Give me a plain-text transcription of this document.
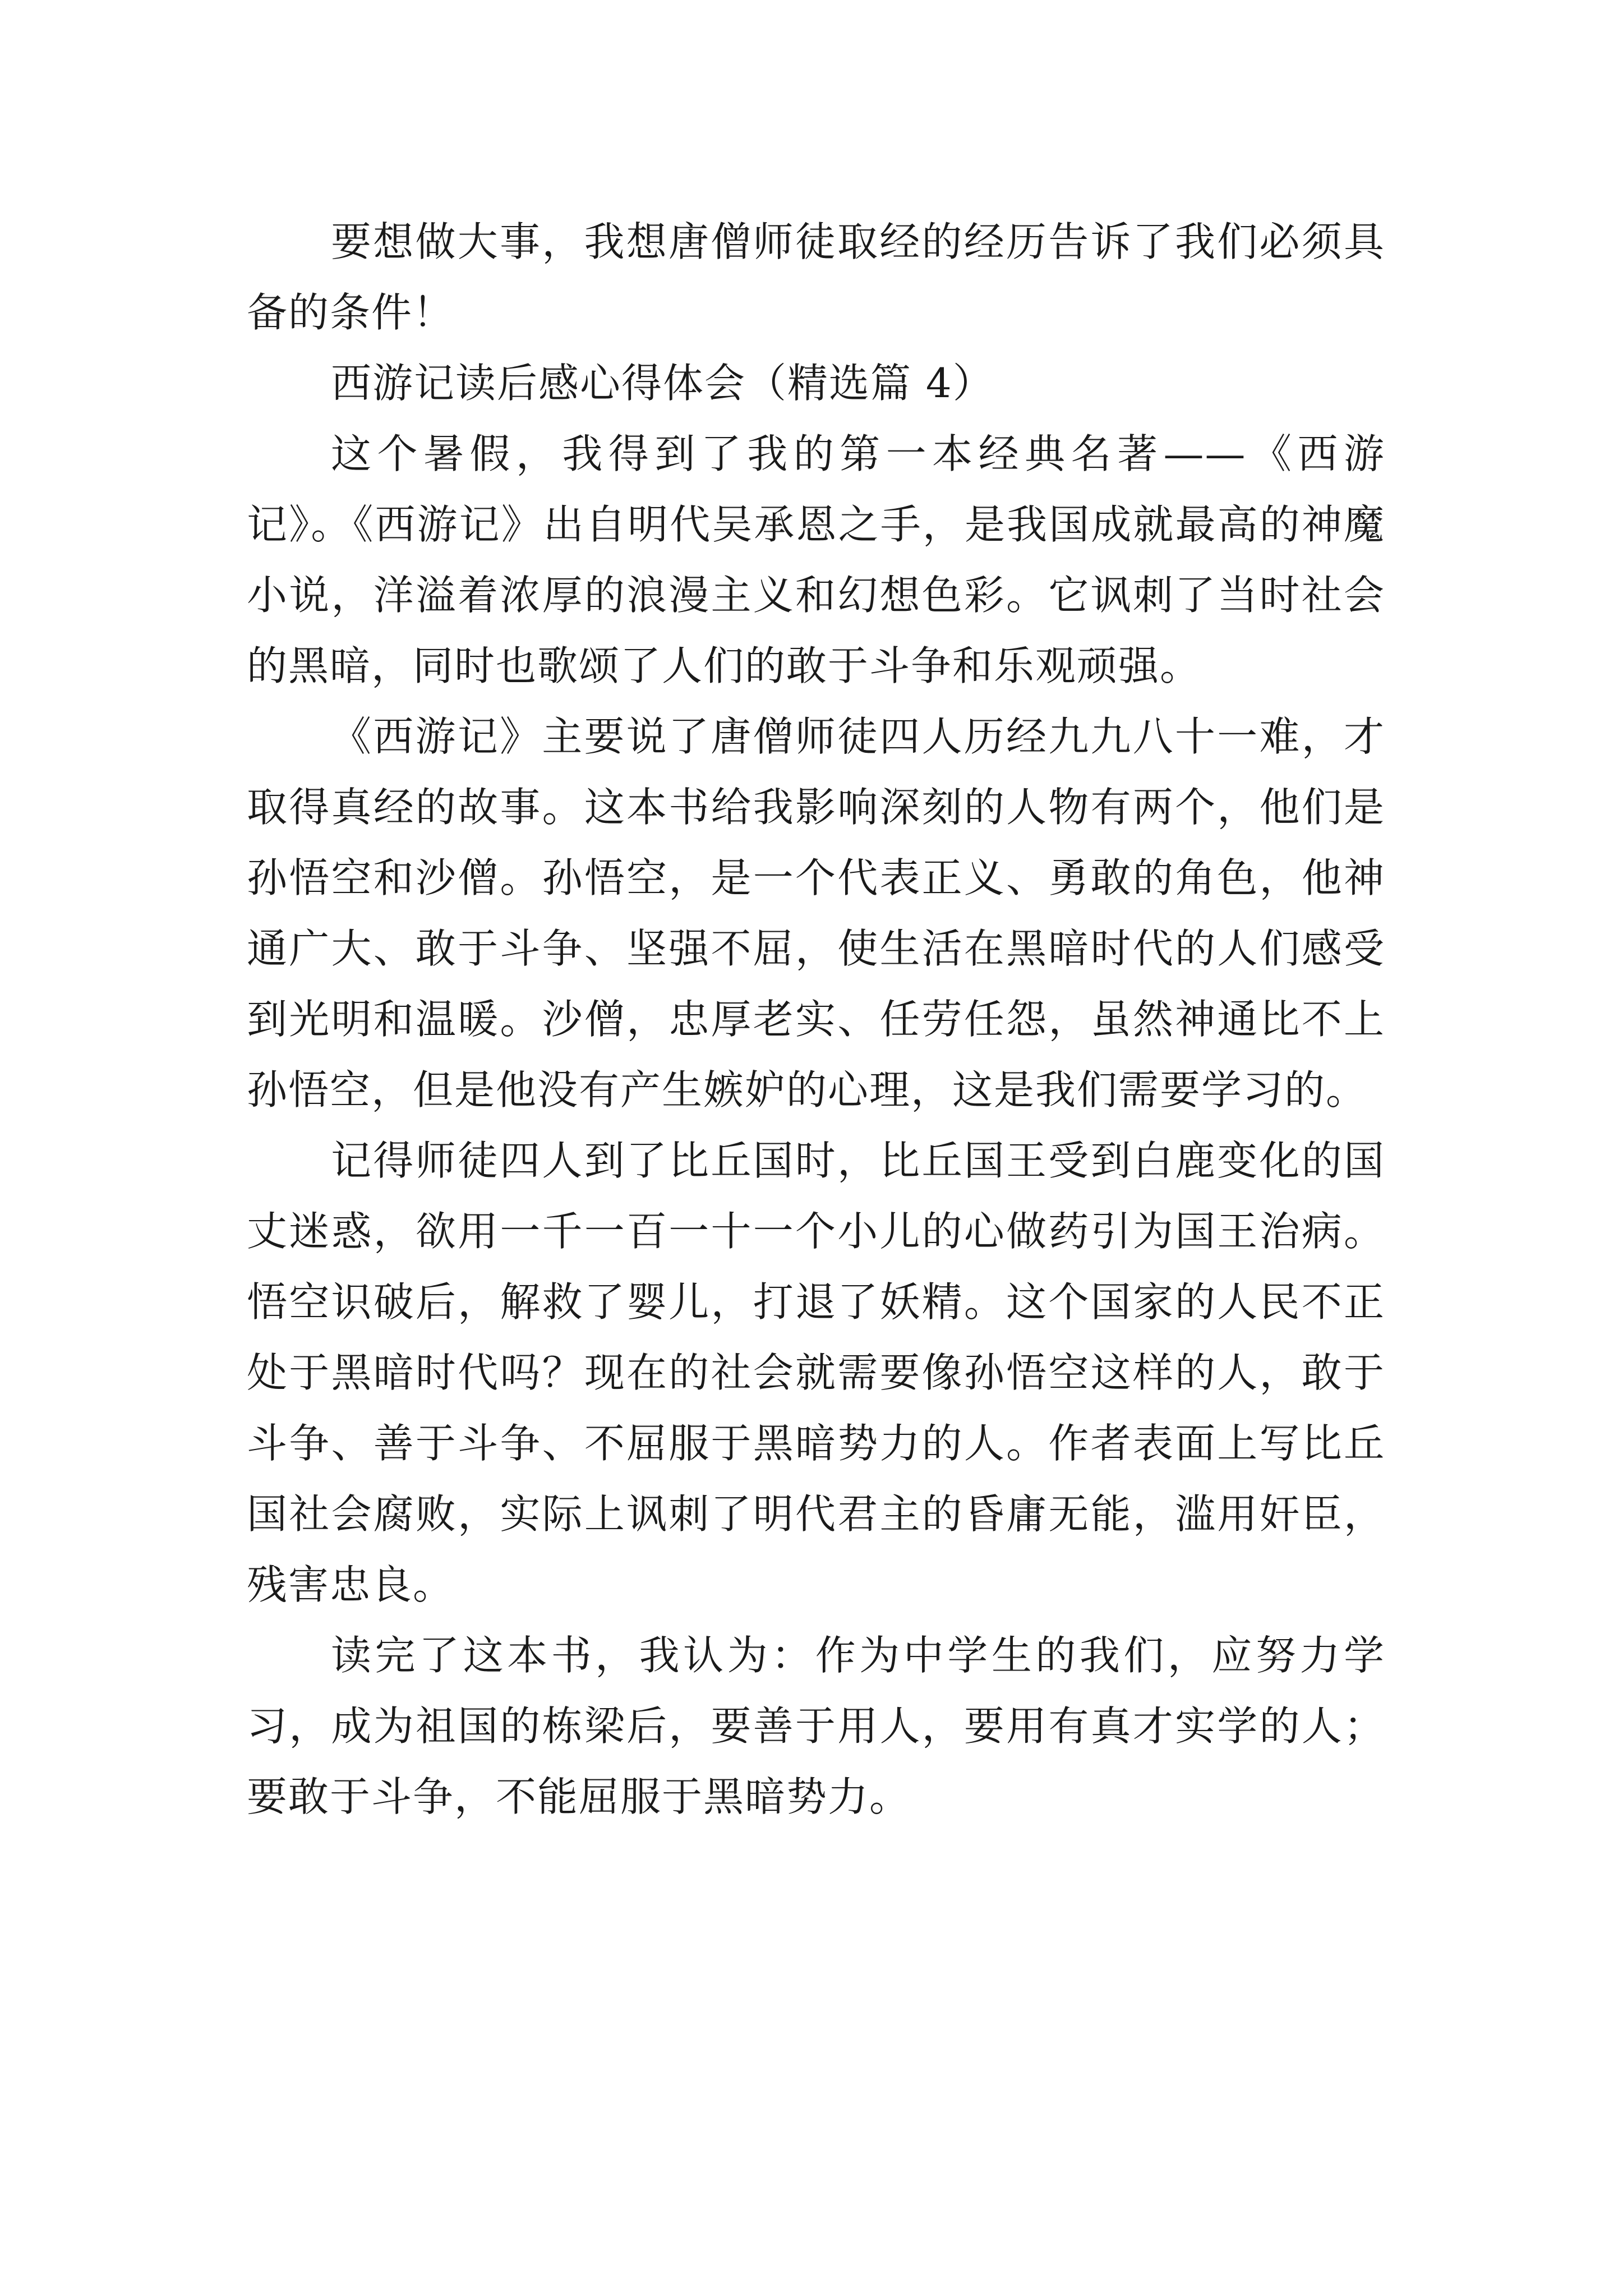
要想做大事，我想唐僧师徒取经的经历告诉了我们必须具备的条件！

西游记读后感心得体会（精选篇 4）

这个暑假，我得到了我的第一本经典名著——《西游记》。《西游记》出自明代吴承恩之手，是我国成就最高的神魔小说，洋溢着浓厚的浪漫主义和幻想色彩。它讽刺了当时社会的黑暗，同时也歌颂了人们的敢于斗争和乐观顽强。

《西游记》主要说了唐僧师徒四人历经九九八十一难，才取得真经的故事。这本书给我影响深刻的人物有两个，他们是孙悟空和沙僧。孙悟空，是一个代表正义、勇敢的角色，他神通广大、敢于斗争、坚强不屈，使生活在黑暗时代的人们感受到光明和温暖。沙僧，忠厚老实、任劳任怨，虽然神通比不上孙悟空，但是他没有产生嫉妒的心理，这是我们需要学习的。

记得师徒四人到了比丘国时，比丘国王受到白鹿变化的国丈迷惑，欲用一千一百一十一个小儿的心做药引为国王治病。悟空识破后，解救了婴儿，打退了妖精。这个国家的人民不正处于黑暗时代吗？现在的社会就需要像孙悟空这样的人，敢于斗争、善于斗争、不屈服于黑暗势力的人。作者表面上写比丘国社会腐败，实际上讽刺了明代君主的昏庸无能，滥用奸臣，残害忠良。

读完了这本书，我认为：作为中学生的我们，应努力学习，成为祖国的栋梁后，要善于用人，要用有真才实学的人；要敢于斗争，不能屈服于黑暗势力。
